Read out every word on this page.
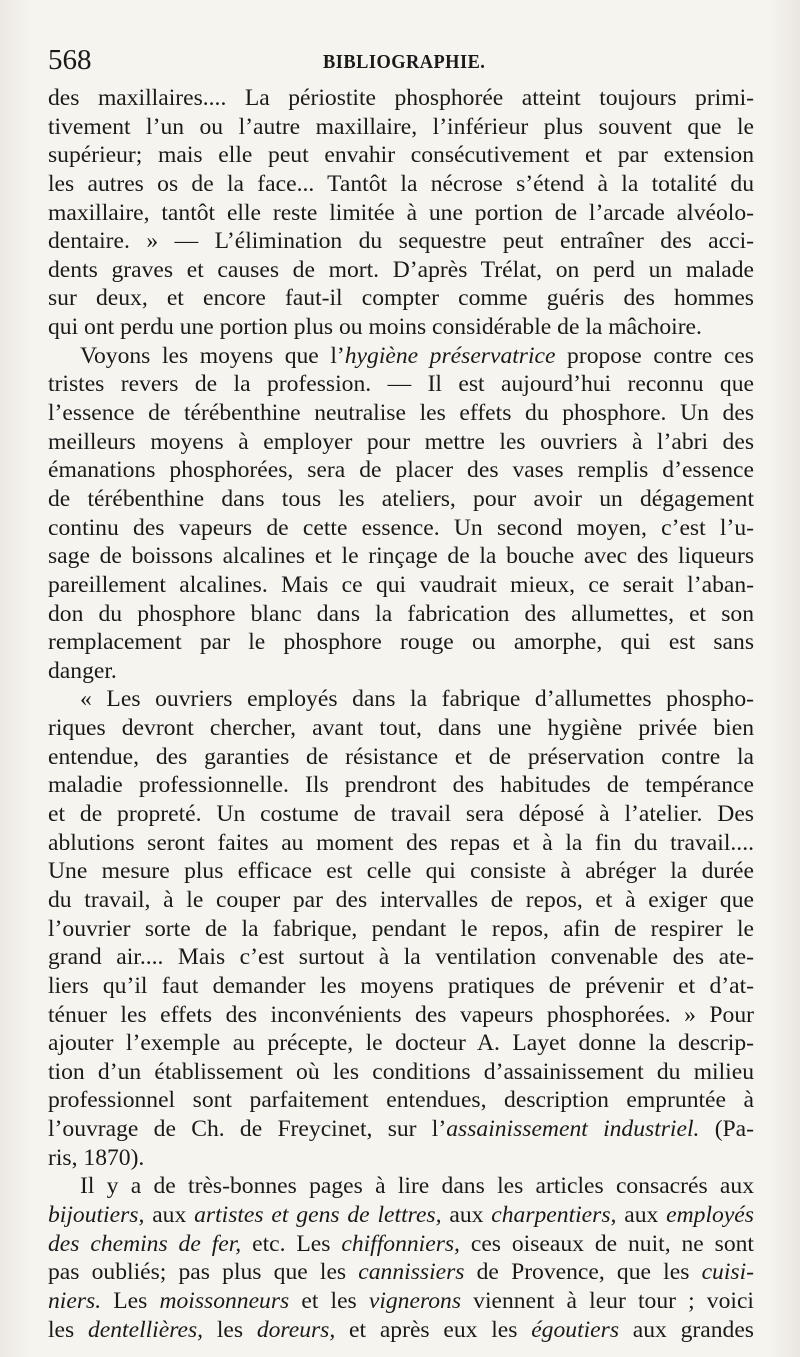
568	BIBLIOGRAPHIE.
des maxillaires.... La périostite phosphorée atteint toujours primi-
tivement l’un ou l’autre maxillaire, l’inférieur plus souvent que le
supérieur; mais elle peut envahir consécutivement et par extension
les autres os de la face... Tantôt la nécrose s’étend à la totalité du
maxillaire, tantôt elle reste limitée à une portion de l’arcade alvéolo-
dentaire. » — L’élimination du sequestre peut entraîner des acci-
dents graves et causes de mort. D’après Trélat, on perd un malade
sur deux, et encore faut-il compter comme guéris des hommes
qui ont perdu une portion plus ou moins considérable de la mâchoire.
Voyons les moyens que l’hygiène préservatrice propose contre ces
tristes revers de la profession. — Il est aujourd’hui reconnu que
l’essence de térébenthine neutralise les effets du phosphore. Un des
meilleurs moyens à employer pour mettre les ouvriers à l’abri des
émanations phosphorées, sera de placer des vases remplis d’essence
de térébenthine dans tous les ateliers, pour avoir un dégagement
continu des vapeurs de cette essence. Un second moyen, c’est l’u-
sage de boissons alcalines et le rinçage de la bouche avec des liqueurs
pareillement alcalines. Mais ce qui vaudrait mieux, ce serait l’aban-
don du phosphore blanc dans la fabrication des allumettes, et son
remplacement par le phosphore rouge ou amorphe, qui est sans
danger.
« Les ouvriers employés dans la fabrique d’allumettes phospho-
riques devront chercher, avant tout, dans une hygiène privée bien
entendue, des garanties de résistance et de préservation contre la
maladie professionnelle. Ils prendront des habitudes de tempérance
et de propreté. Un costume de travail sera déposé à l’atelier. Des
ablutions seront faites au moment des repas et à la fin du travail....
Une mesure plus efficace est celle qui consiste à abréger la durée
du travail, à le couper par des intervalles de repos, et à exiger que
l’ouvrier sorte de la fabrique, pendant le repos, afin de respirer le
grand air.... Mais c’est surtout à la ventilation convenable des ate-
liers qu’il faut demander les moyens pratiques de prévenir et d’at-
ténuer les effets des inconvénients des vapeurs phosphorées. » Pour
ajouter l’exemple au précepte, le docteur A. Layet donne la descrip-
tion d’un établissement où les conditions d’assainissement du milieu
professionnel sont parfaitement entendues, description empruntée à
l’ouvrage de Ch. de Freycinet, sur l’assainissement industriel. (Pa-
ris, 1870).
Il y a de très-bonnes pages à lire dans les articles consacrés aux
bijoutiers, aux artistes et gens de lettres, aux charpentiers, aux employés
des chemins de fer, etc. Les chiffonniers, ces oiseaux de nuit, ne sont
pas oubliés; pas plus que les cannissiers de Provence, que les cuisi-
niers. Les moissonneurs et les vignerons viennent à leur tour ; voici
les dentellières, les doreurs, et après eux les égoutiers aux grandes
